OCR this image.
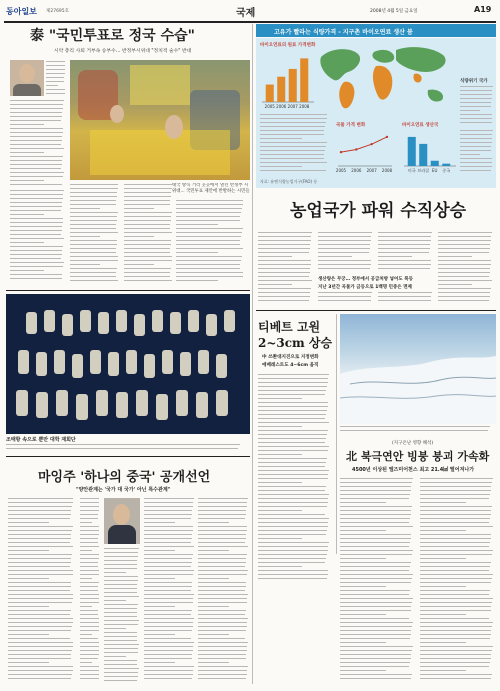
동아일보 제27695호	국제	2008년 4월 5일 금요일	A19
泰 "국민투표로 정국 수습"
시약 총리 사퇴 거부속 승부수… 반정부시위대 "정치적 술수" 반대
태국 방콕 거리 곳곳에서 열린 반정부 시위대... 국민투표 제안에 반발하는 시민들
고유가 빨라는 식량가격 - 지구촌 바이오연료 생산 붐
식량위기 국가
바이오연료의 원료 가격변화
2005 2006 2007 2008
곡물 가격 변화
2005 2006 2007 2008
바이오연료 생산국
미국 브라질 EU 중국
자료: 유엔식량농업기구(FAO) 등
농업국가 파워 수직상승
생산량은 무궁… 정부에서 공급처방 넣어도 폭등
지난 3년간 곡물가 금등으로 1백명 민중은 면제
조태항 속으로 뿐만 대학 재회단
티베트 고원
2~3cm 상승
中 쓰촨대지진으로 지정변화
에베레스트도 4~6cm 움직
(지구온난 영향 해석)
北 북극연안 빙붕 붕괴 가속화
4500년 이상된 엘즈미어천스 최고 21.4㎢ 떨어져나가
마잉주 '하나의 중국' 공개선언
"양안관계는 '국가 대 국가' 아닌 특수관계"
